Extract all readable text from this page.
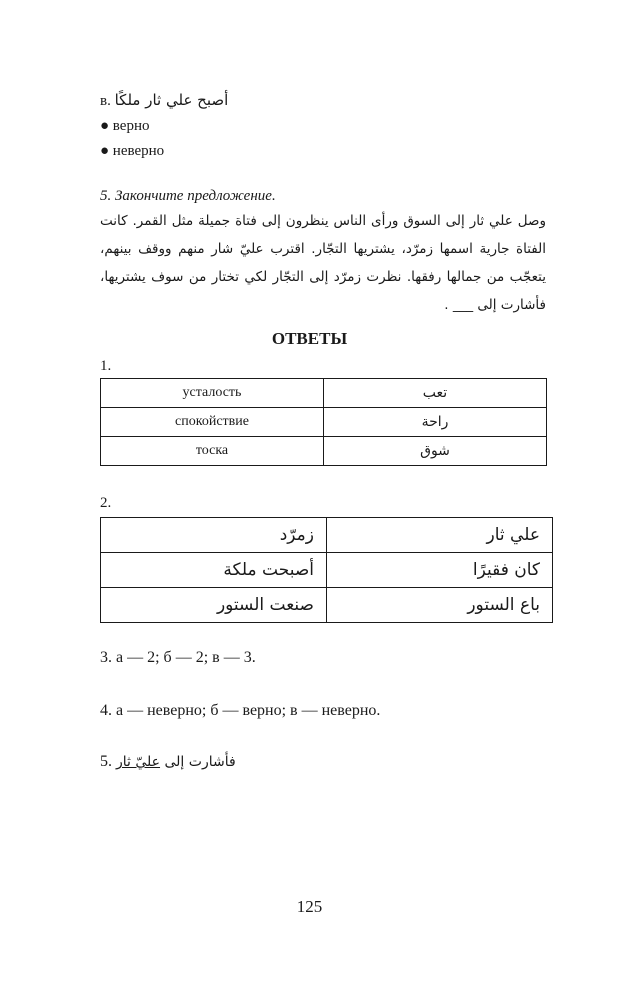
в. أصبح علي ثار ملكًا
● верно
● неверно
5. Закончите предложение.
وصل علي ثار إلى السوق ورأى الناس ينظرون إلى فتاة جميلة مثل القمر. كانت
الفتاة جارية اسمها زمرّد، يشتريها التجّار. اقترب عليّ شار منهم ووقف بينهم،
يتعجّب من جمالها رفقها. نظرت زمرّد إلى التجّار لكي تختار من سوف يشتريها،
فأشارت إلى ___ .
ОТВЕТЫ
1.
усталость	تعب
спокойствие	راحة
тоска	شوق
2.
زمرّد	علي ثار
أصبحت ملكة	كان فقيرًا
صنعت الستور	باع الستور
3. а — 2; б — 2; в — 3.
4. а — неверно; б — верно; в — неверно.
5.	فأشارت إلى عليّ ثار
125
